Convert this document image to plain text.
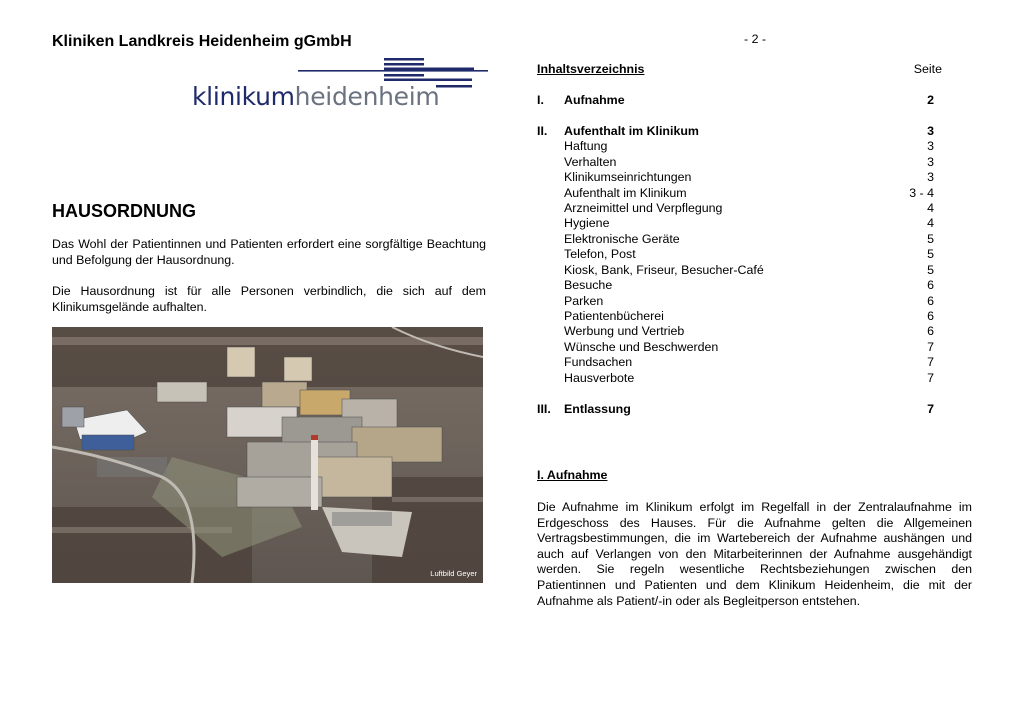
Kliniken Landkreis Heidenheim gGmbH
klinikumheidenheim
HAUSORDNUNG
Das Wohl der Patientinnen und Patienten erfordert eine sorgfältige Beachtung und Befolgung der Hausordnung.
Die Hausordnung ist für alle Personen verbindlich, die sich auf dem Klinikumsgelände aufhalten.
Luftbild Geyer
- 2 -
Inhaltsverzeichnis	Seite
I. Aufnahme	2
II. Aufenthalt im Klinikum	3
Haftung	3
Verhalten	3
Klinikumseinrichtungen	3
Aufenthalt im Klinikum	3 - 4
Arzneimittel und Verpflegung	4
Hygiene	4
Elektronische Geräte	5
Telefon, Post	5
Kiosk, Bank, Friseur, Besucher-Café	5
Besuche	6
Parken	6
Patientenbücherei	6
Werbung und Vertrieb	6
Wünsche und Beschwerden	7
Fundsachen	7
Hausverbote	7
III. Entlassung	7
I. Aufnahme
Die Aufnahme im Klinikum erfolgt im Regelfall in der Zentralaufnahme im Erdgeschoss des Hauses. Für die Aufnahme gelten die Allgemeinen Vertragsbestimmungen, die im Wartebereich der Aufnahme aushängen und auch auf Verlangen von den Mitarbeiterinnen der Aufnahme ausgehändigt werden. Sie regeln wesentliche Rechtsbeziehungen zwischen den Patientinnen und Patienten und dem Klinikum Heidenheim, die mit der Aufnahme als Patient/-in oder als Begleitperson entstehen.
